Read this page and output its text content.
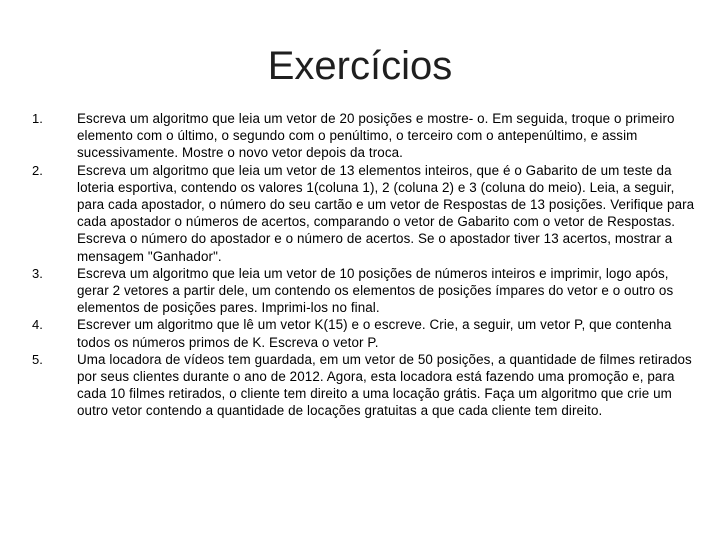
Exercícios
1.	Escreva um algoritmo que leia um vetor de 20 posições e mostre- o. Em seguida, troque o primeiro elemento com o último, o segundo com o penúltimo, o terceiro com o antepenúltimo, e assim sucessivamente. Mostre o novo vetor depois da troca.
2.	Escreva um algoritmo que leia um vetor de 13 elementos inteiros, que é o Gabarito de um teste da loteria esportiva, contendo os valores 1(coluna 1), 2 (coluna 2) e 3 (coluna do meio). Leia, a seguir, para cada apostador, o número do seu cartão e um vetor de Respostas de 13 posições. Verifique para cada apostador o números de acertos, comparando o vetor de Gabarito com o vetor de Respostas. Escreva o número do apostador e o número de acertos. Se o apostador tiver 13 acertos, mostrar a mensagem "Ganhador".
3.	Escreva um algoritmo que leia um vetor de 10 posições de números inteiros e imprimir, logo após, gerar 2 vetores a partir dele, um contendo os elementos de posições ímpares do vetor e o outro os elementos de posições pares. Imprimi-los no final.
4.	Escrever um algoritmo que lê um vetor K(15) e o escreve. Crie, a seguir, um vetor P, que contenha todos os números primos de K. Escreva o vetor P.
5.	Uma locadora de vídeos tem guardada, em um vetor de 50 posições, a quantidade de filmes retirados por seus clientes durante o ano de 2012. Agora, esta locadora está fazendo uma promoção e, para cada 10 filmes retirados, o cliente tem direito a uma locação grátis. Faça um algoritmo que crie um outro vetor contendo a quantidade de locações gratuitas a que cada cliente tem direito.
